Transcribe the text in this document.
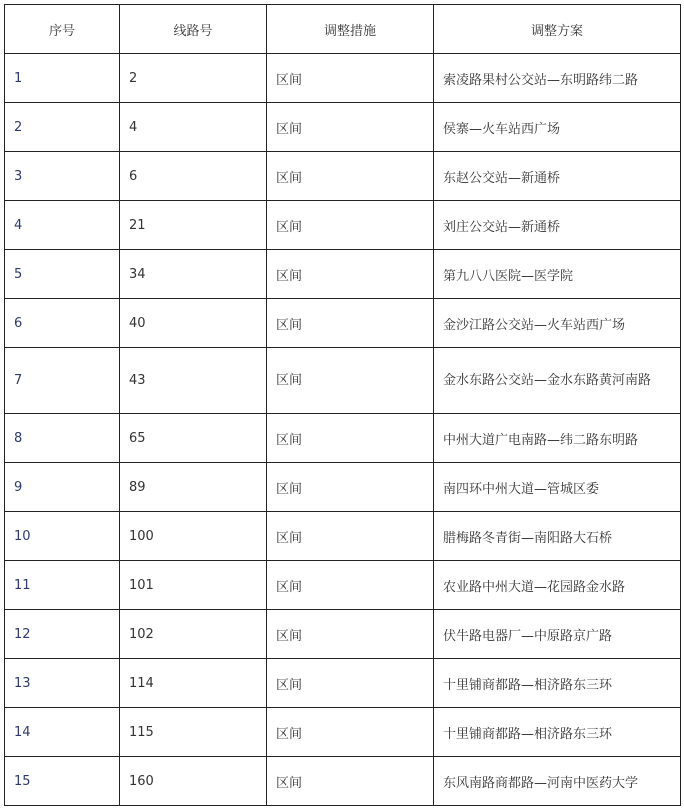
序号	线路号	调整措施	调整方案
1	2	区间	索凌路果村公交站—东明路纬二路
2	4	区间	侯寨—火车站西广场
3	6	区间	东赵公交站—新通桥
4	21	区间	刘庄公交站—新通桥
5	34	区间	第九八八医院—医学院
6	40	区间	金沙江路公交站—火车站西广场
7	43	区间	金水东路公交站—金水东路黄河南路
8	65	区间	中州大道广电南路—纬二路东明路
9	89	区间	南四环中州大道—管城区委
10	100	区间	腊梅路冬青街—南阳路大石桥
11	101	区间	农业路中州大道—花园路金水路
12	102	区间	伏牛路电器厂—中原路京广路
13	114	区间	十里铺商都路—相济路东三环
14	115	区间	十里铺商都路—相济路东三环
15	160	区间	东风南路商都路—河南中医药大学
